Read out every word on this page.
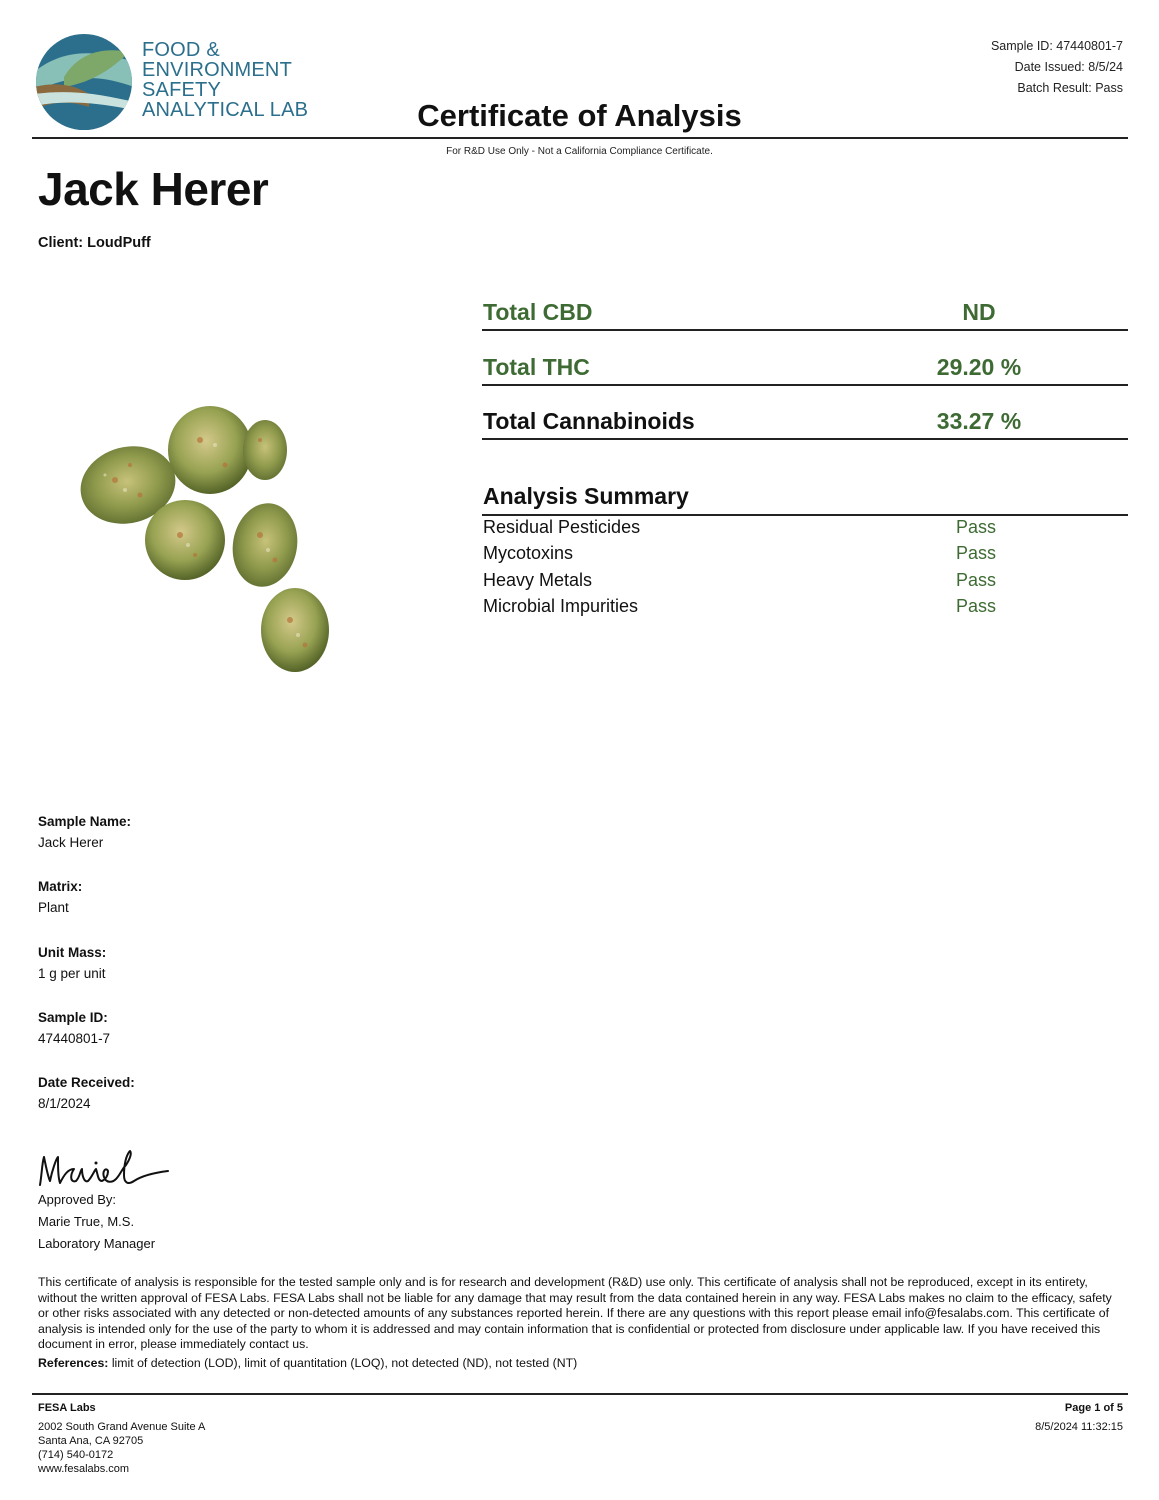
FOOD &
ENVIRONMENT
SAFETY
ANALYTICAL LAB
Sample ID: 47440801-7
Date Issued: 8/5/24
Batch Result: Pass
Certificate of Analysis
For R&D Use Only - Not a California Compliance Certificate.
Jack Herer
Client: LoudPuff
Total CBD	ND
Total THC	29.20 %
Total Cannabinoids	33.27 %
Analysis Summary
Residual Pesticides	Pass
Mycotoxins	Pass
Heavy Metals	Pass
Microbial Impurities	Pass
Sample Name:
Jack Herer
Matrix:
Plant
Unit Mass:
1 g per unit
Sample ID:
47440801-7
Date Received:
8/1/2024
Approved By:
Marie True, M.S.
Laboratory Manager
This certificate of analysis is responsible for the tested sample only and is for research and development (R&D) use only. This certificate of analysis shall not be reproduced, except in its entirety, without the written approval of FESA Labs. FESA Labs shall not be liable for any damage that may result from the data contained herein in any way. FESA Labs makes no claim to the efficacy, safety or other risks associated with any detected or non-detected amounts of any substances reported herein. If there are any questions with this report please email info@fesalabs.com. This certificate of analysis is intended only for the use of the party to whom it is addressed and may contain information that is confidential or protected from disclosure under applicable law. If you have received this document in error, please immediately contact us.
References: limit of detection (LOD), limit of quantitation (LOQ), not detected (ND), not tested (NT)
FESA Labs
2002 South Grand Avenue Suite A
Santa Ana, CA 92705
(714) 540-0172
www.fesalabs.com
Page 1 of 5
8/5/2024 11:32:15
